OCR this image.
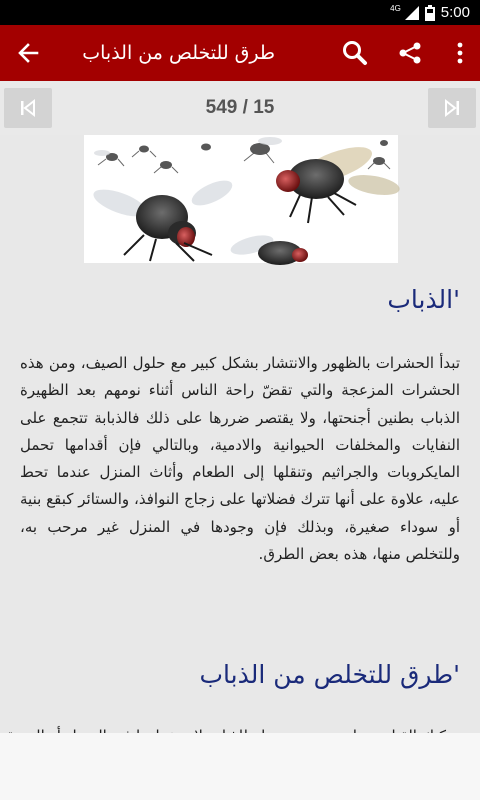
4G	5:00
طرق للتخلص من الذباب
549 / 15
'الذباب

تبدأ الحشرات بالظهور والانتشار بشكل كبير مع حلول الصيف، ومن هذه الحشرات المزعجة والتي تقضّ راحة الناس أثناء نومهم بعد الظهيرة الذباب بطنين أجنحتها، ولا يقتصر ضررها على ذلك فالذبابة تتجمع على النفايات والمخلفات الحيوانية والادمية، وبالتالي فإن أقدامها تحمل المايكروبات والجراثيم وتنقلها إلى الطعام وأثاث المنزل عندما تحط عليه، علاوة على أنها تترك فضلاتها على زجاج النوافذ، والستائر كبقع بنية أو سوداء صغيرة، وبذلك فإن وجودها في المنزل غير مرحب به، وللتخلص منها، هذه بعض الطرق.

'طرق للتخلص من الذباب
